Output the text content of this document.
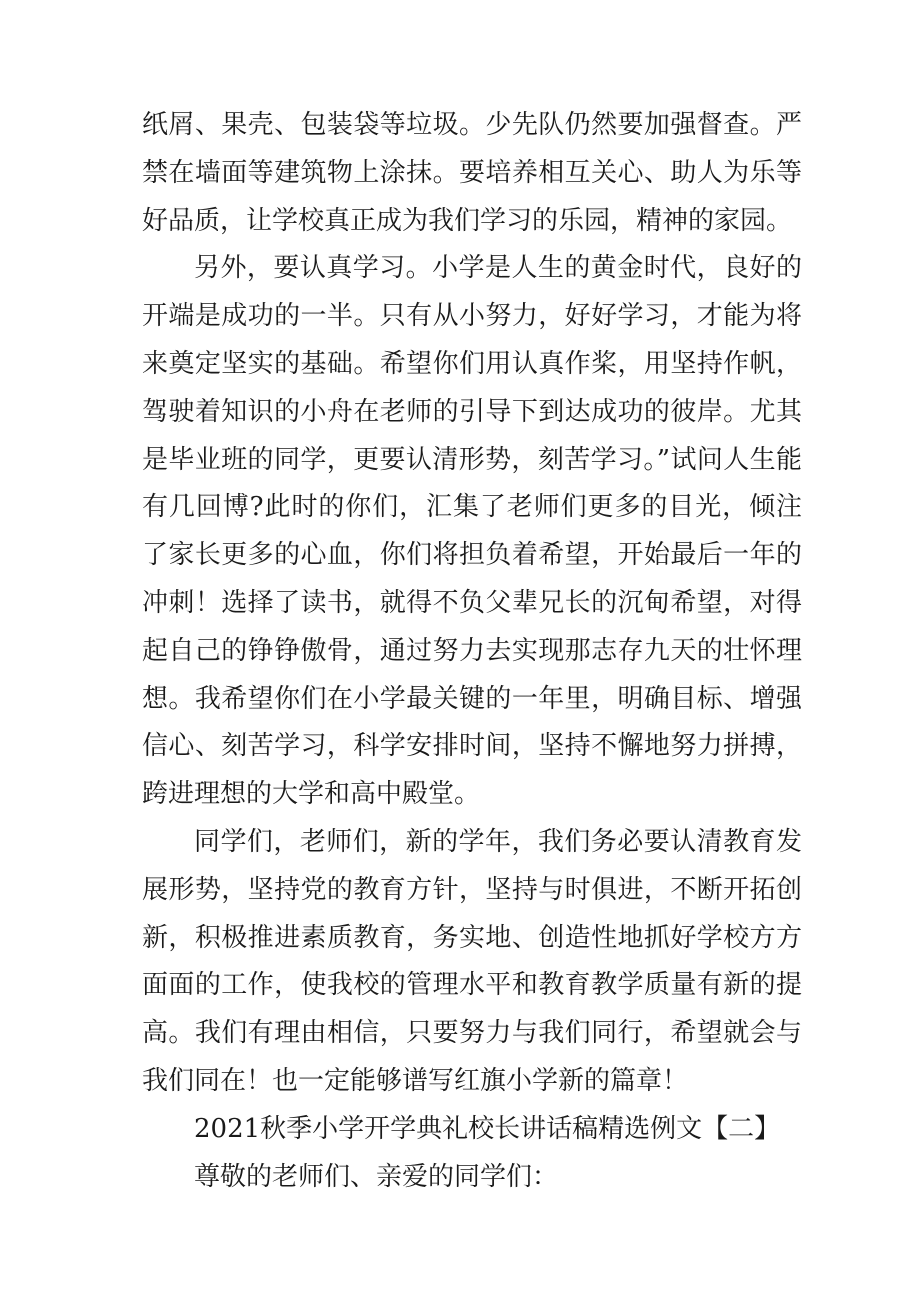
纸屑、果壳、包装袋等垃圾。少先队仍然要加强督查。严禁在墙面等建筑物上涂抹。要培养相互关心、助人为乐等好品质，让学校真正成为我们学习的乐园，精神的家园。

另外，要认真学习。小学是人生的黄金时代，良好的开端是成功的一半。只有从小努力，好好学习，才能为将来奠定坚实的基础。希望你们用认真作桨，用坚持作帆，驾驶着知识的小舟在老师的引导下到达成功的彼岸。尤其是毕业班的同学，更要认清形势，刻苦学习。”试问人生能有几回博?此时的你们，汇集了老师们更多的目光，倾注了家长更多的心血，你们将担负着希望，开始最后一年的冲刺！选择了读书，就得不负父辈兄长的沉甸希望，对得起自己的铮铮傲骨，通过努力去实现那志存九天的壮怀理想。我希望你们在小学最关键的一年里，明确目标、增强信心、刻苦学习，科学安排时间，坚持不懈地努力拼搏，跨进理想的大学和高中殿堂。

同学们，老师们，新的学年，我们务必要认清教育发展形势，坚持党的教育方针，坚持与时俱进，不断开拓创新，积极推进素质教育，务实地、创造性地抓好学校方方面面的工作，使我校的管理水平和教育教学质量有新的提高。我们有理由相信，只要努力与我们同行，希望就会与我们同在！也一定能够谱写红旗小学新的篇章！

2021秋季小学开学典礼校长讲话稿精选例文【二】

尊敬的老师们、亲爱的同学们：
